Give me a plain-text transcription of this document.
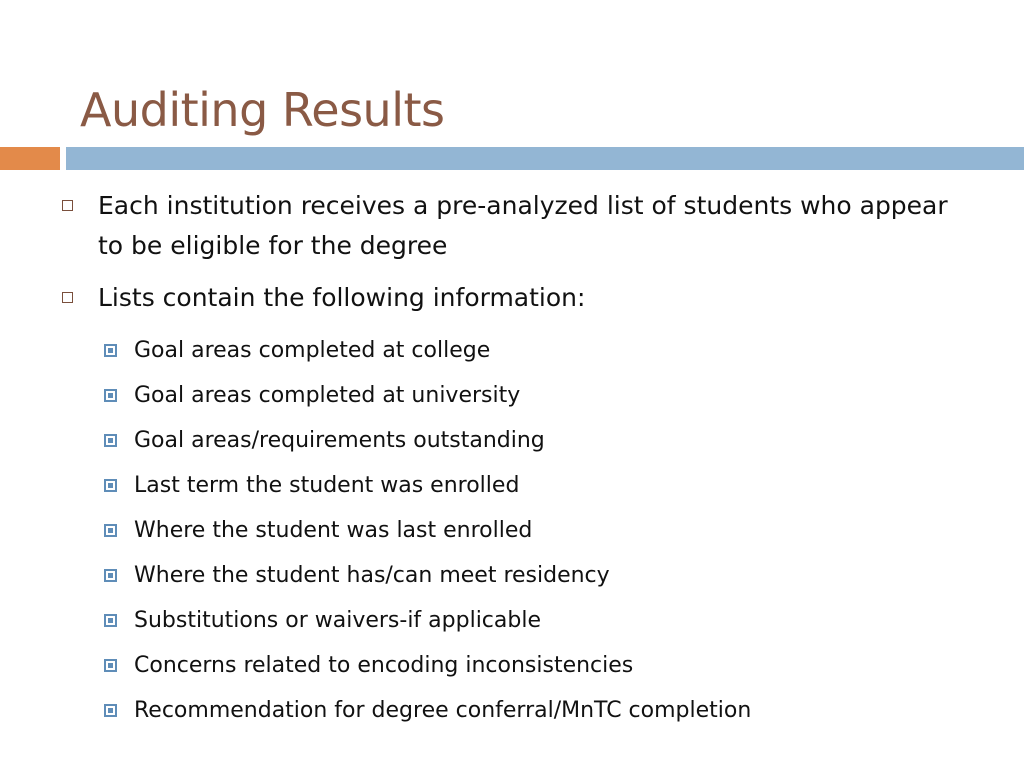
Auditing Results
Each institution receives a pre-analyzed list of students who appear to be eligible for the degree
Lists contain the following information:
Goal areas completed at college
Goal areas completed at university
Goal areas/requirements outstanding
Last term the student was enrolled
Where the student was last enrolled
Where the student has/can meet residency
Substitutions or waivers-if applicable
Concerns related to encoding inconsistencies
Recommendation for degree conferral/MnTC completion
